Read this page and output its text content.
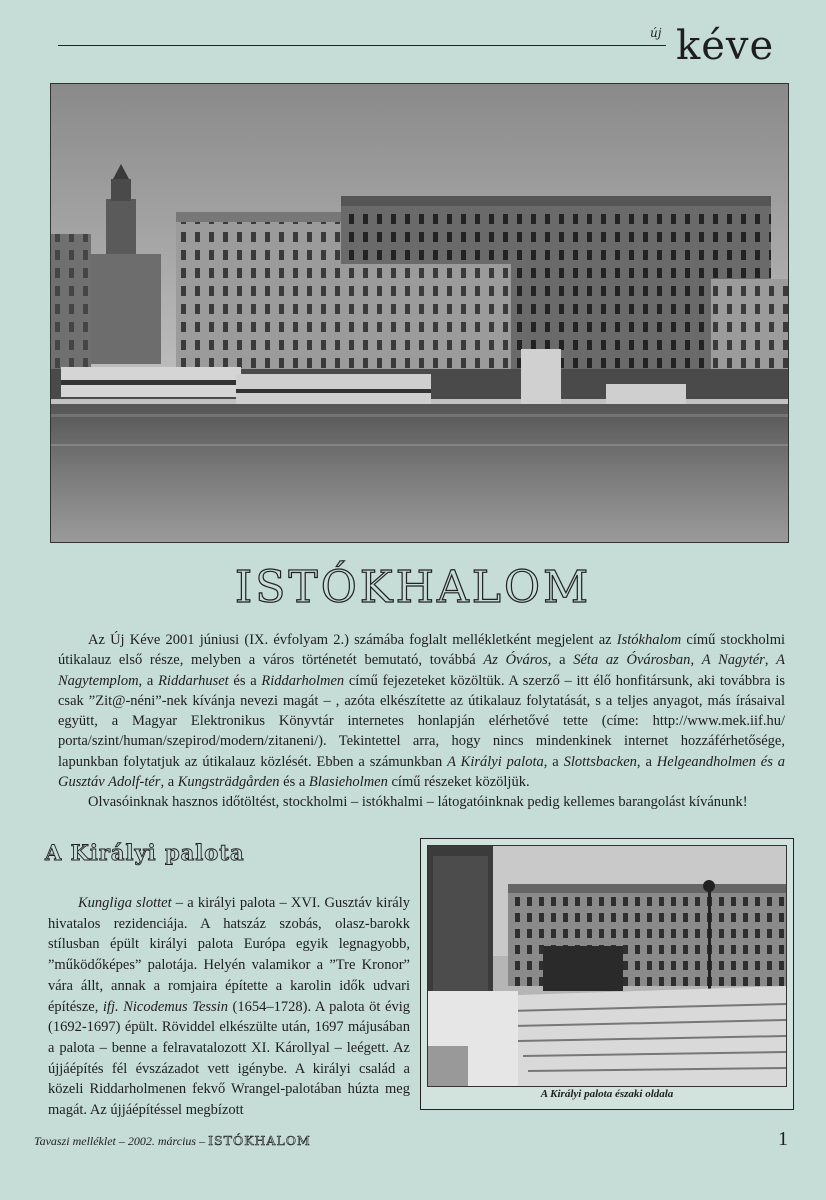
új kéve
ISTÓKHALOM

Az Új Kéve 2001 júniusi (IX. évfolyam 2.) számába foglalt mellékletként megjelent az Istókhalom című stockholmi útikalauz első része, melyben a város történetét bemutató, továbbá Az Óváros, a Séta az Óvárosban, A Nagytér, A Nagytemplom, a Riddarhuset és a Riddarholmen című fejezeteket közöltük. A szerző – itt élő honfitársunk, aki továbbra is csak ”Zit@-néni”-nek kívánja nevezi magát – , azóta elkészítette az útikalauz folytatását, s a teljes anyagot, más írásaival együtt, a Magyar Elektronikus Könyvtár internetes honlapján elérhetővé tette (címe: http://www.mek.iif.hu/ porta/szint/human/szepirod/modern/zitaneni/). Tekintettel arra, hogy nincs mindenkinek internet hozzáférhetősége, lapunkban folytatjuk az útikalauz közlését. Ebben a számunkban A Királyi palota, a Slottsbacken, a Helgeandholmen és a Gusztáv Adolf-tér, a Kungsträdgården és a Blasieholmen című részeket közöljük.

Olvasóinknak hasznos időtöltést, stockholmi – istókhalmi – látogatóinknak pedig kellemes barangolást kívánunk!

A Királyi palota

Kungliga slottet – a királyi palota – XVI. Gusztáv király hivatalos rezidenciája. A hatszáz szobás, olasz-barokk stílusban épült királyi palota Európa egyik legnagyobb, ”működőképes” palotája. Helyén valamikor a ”Tre Kronor” vára állt, annak a romjaira építette a karolin idők udvari építésze, ifj. Nicodemus Tessin (1654–1728). A palota öt évig (1692-1697) épült. Röviddel elkészülte után, 1697 májusában a palota – benne a felravatalozott XI. Károllyal – leégett. Az újjáépítés fél évszázadot vett igénybe. A királyi család a közeli Riddarholmenen fekvő Wrangel-palotában húzta meg magát. Az újjáépítéssel megbízott

A Királyi palota északi oldala
Tavaszi melléklet – 2002. március – ISTÓKHALOM	1
